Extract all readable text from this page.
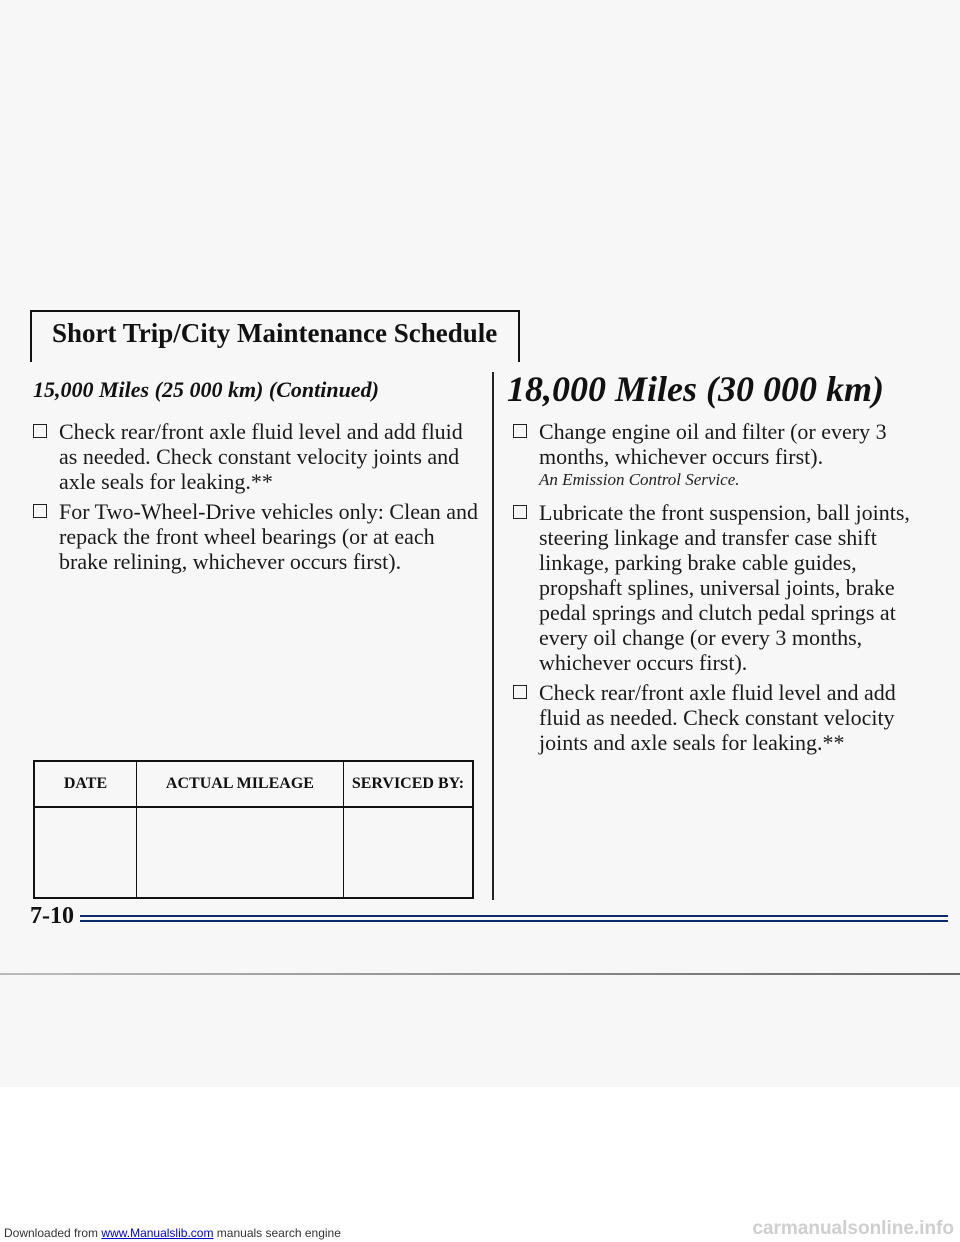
Short Trip/City Maintenance Schedule
15,000 Miles (25 000 km) (Continued)
Check rear/front axle fluid level and add fluid as needed. Check constant velocity joints and axle seals for leaking.**
For Two-Wheel-Drive vehicles only: Clean and repack the front wheel bearings (or at each brake relining, whichever occurs first).
DATE	ACTUAL MILEAGE	SERVICED BY:

18,000 Miles (30 000 km)
Change engine oil and filter (or every 3 months, whichever occurs first).
An Emission Control Service.
Lubricate the front suspension, ball joints, steering linkage and transfer case shift linkage, parking brake cable guides, propshaft splines, universal joints, brake pedal springs and clutch pedal springs at every oil change (or every 3 months, whichever occurs first).
Check rear/front axle fluid level and add fluid as needed. Check constant velocity joints and axle seals for leaking.**
7-10
Downloaded from www.Manualslib.com manuals search engine	carmanualsonline.info
